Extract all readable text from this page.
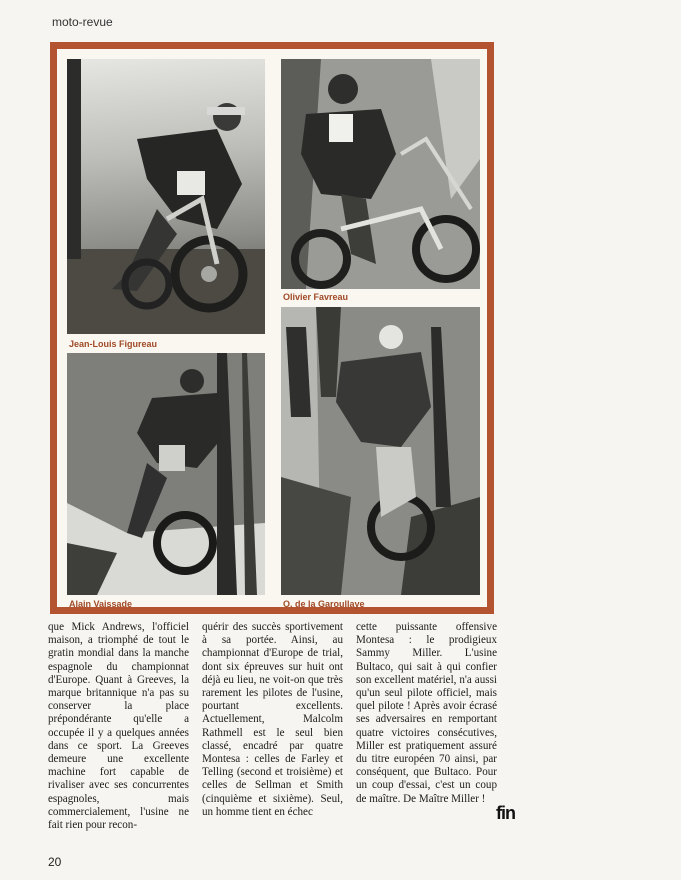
moto-revue
Jean-Louis Figureau
Olivier Favreau
Alain Vaissade	O. de la Garoullaye

que Mick Andrews, l'officiel maison, a triomphé de tout le gratin mondial dans la manche espagnole du championnat d'Europe. Quant à Greeves, la marque britannique n'a pas su conserver la place prépondérante qu'elle a occupée il y a quelques années dans ce sport. La Greeves demeure une excellente machine fort capable de rivaliser avec ses concurrentes espagnoles, mais commercialement, l'usine ne fait rien pour recon-

quérir des succès sportivement à sa portée. Ainsi, au championnat d'Europe de trial, dont six épreuves sur huit ont déjà eu lieu, ne voit-on que très rarement les pilotes de l'usine, pourtant excellents. Actuellement, Malcolm Rathmell est le seul bien classé, encadré par quatre Montesa : celles de Farley et Telling (second et troisième) et celles de Sellman et Smith (cinquième et sixième). Seul, un homme tient en échec

cette puissante offensive Montesa : le prodigieux Sammy Miller. L'usine Bultaco, qui sait à qui confier son excellent matériel, n'a aussi qu'un seul pilote officiel, mais quel pilote ! Après avoir écrasé ses adversaires en remportant quatre victoires consécutives, Miller est pratiquement assuré du titre européen 70 ainsi, par conséquent, que Bultaco. Pour un coup d'essai, c'est un coup de maître. De Maître Miller !

fin
20
